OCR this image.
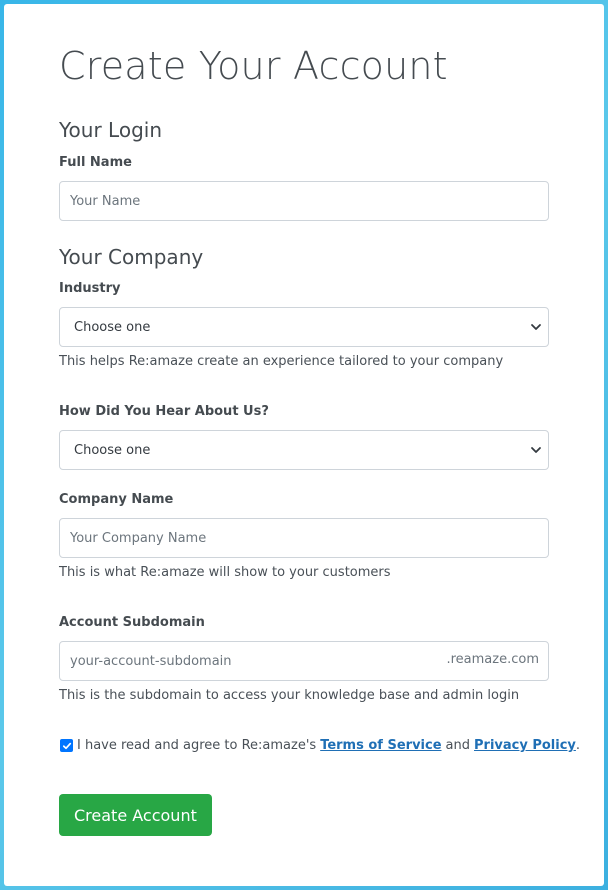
Create Your Account
Your Login
Full Name
Your Name
Your Company
Industry
Choose one

This helps Re:amaze create an experience tailored to your company

How Did You Hear About Us?
Choose one
Company Name
Your Company Name

This is what Re:amaze will show to your customers

Account Subdomain
your-account-subdomain
.reamaze.com

This is the subdomain to access your knowledge base and admin login

I have read and agree to Re:amaze's Terms of Service and Privacy Policy .
Create Account
